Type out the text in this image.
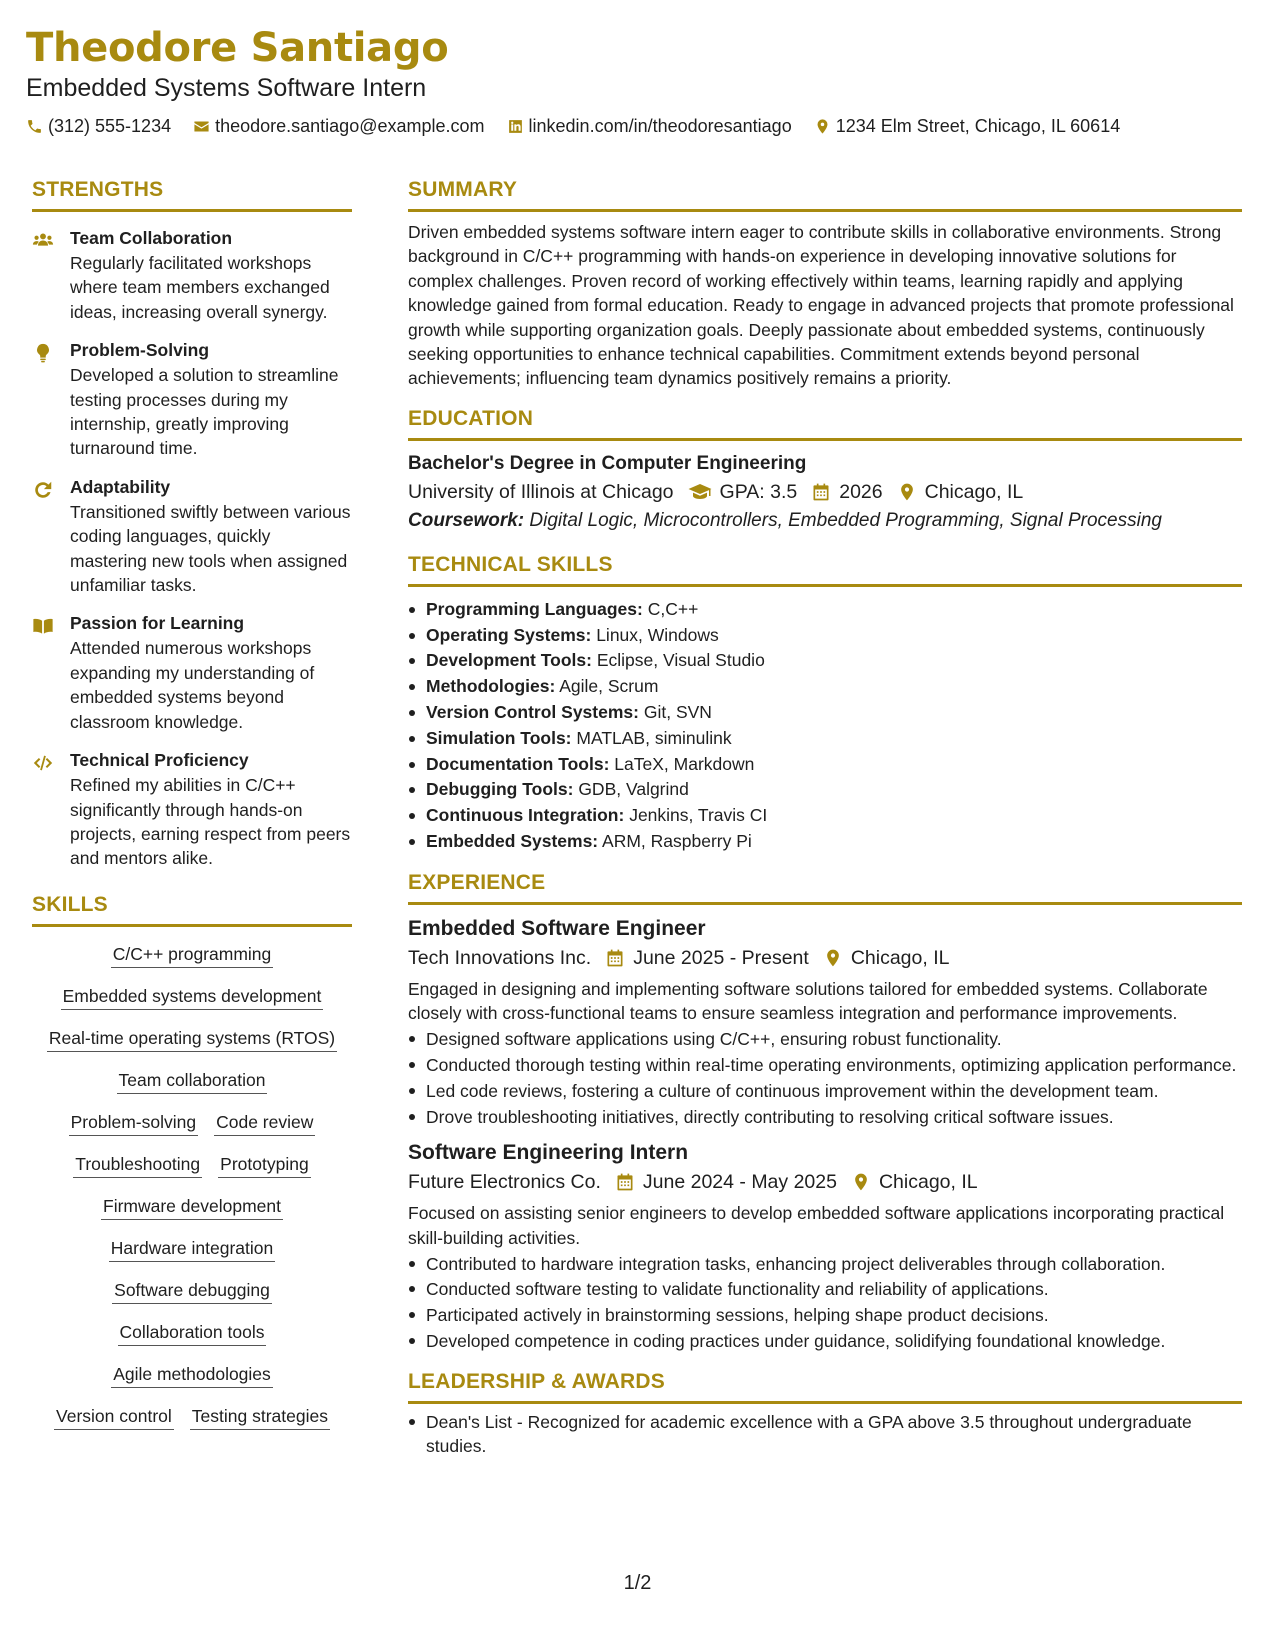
Theodore Santiago
Embedded Systems Software Intern
(312) 555-1234 theodore.santiago@example.com linkedin.com/in/theodoresantiago 1234 Elm Street, Chicago, IL 60614
STRENGTHS
Team Collaboration
Regularly facilitated workshops where team members exchanged ideas, increasing overall synergy.
Problem-Solving
Developed a solution to streamline testing processes during my internship, greatly improving turnaround time.
Adaptability
Transitioned swiftly between various coding languages, quickly mastering new tools when assigned unfamiliar tasks.
Passion for Learning
Attended numerous workshops expanding my understanding of embedded systems beyond classroom knowledge.
Technical Proficiency
Refined my abilities in C/C++ significantly through hands-on projects, earning respect from peers and mentors alike.
SKILLS
C/C++ programming
Embedded systems development
Real-time operating systems (RTOS)
Team collaboration
Problem-solving Code review
Troubleshooting Prototyping
Firmware development
Hardware integration
Software debugging
Collaboration tools
Agile methodologies
Version control Testing strategies
SUMMARY
Driven embedded systems software intern eager to contribute skills in collaborative environments. Strong background in C/C++ programming with hands-on experience in developing innovative solutions for complex challenges. Proven record of working effectively within teams, learning rapidly and applying knowledge gained from formal education. Ready to engage in advanced projects that promote professional growth while supporting organization goals. Deeply passionate about embedded systems, continuously seeking opportunities to enhance technical capabilities. Commitment extends beyond personal achievements; influencing team dynamics positively remains a priority.
EDUCATION
Bachelor's Degree in Computer Engineering
University of Illinois at Chicago GPA: 3.5 2026 Chicago, IL
Coursework: Digital Logic, Microcontrollers, Embedded Programming, Signal Processing
TECHNICAL SKILLS
Programming Languages: C,C++
Operating Systems: Linux, Windows
Development Tools: Eclipse, Visual Studio
Methodologies: Agile, Scrum
Version Control Systems: Git, SVN
Simulation Tools: MATLAB, siminulink
Documentation Tools: LaTeX, Markdown
Debugging Tools: GDB, Valgrind
Continuous Integration: Jenkins, Travis CI
Embedded Systems: ARM, Raspberry Pi
EXPERIENCE
Embedded Software Engineer
Tech Innovations Inc. June 2025 - Present Chicago, IL
Engaged in designing and implementing software solutions tailored for embedded systems. Collaborate closely with cross-functional teams to ensure seamless integration and performance improvements.
Designed software applications using C/C++, ensuring robust functionality.
Conducted thorough testing within real-time operating environments, optimizing application performance.
Led code reviews, fostering a culture of continuous improvement within the development team.
Drove troubleshooting initiatives, directly contributing to resolving critical software issues.
Software Engineering Intern
Future Electronics Co. June 2024 - May 2025 Chicago, IL
Focused on assisting senior engineers to develop embedded software applications incorporating practical skill-building activities.
Contributed to hardware integration tasks, enhancing project deliverables through collaboration.
Conducted software testing to validate functionality and reliability of applications.
Participated actively in brainstorming sessions, helping shape product decisions.
Developed competence in coding practices under guidance, solidifying foundational knowledge.
LEADERSHIP & AWARDS
Dean's List - Recognized for academic excellence with a GPA above 3.5 throughout undergraduate studies.
1/2
